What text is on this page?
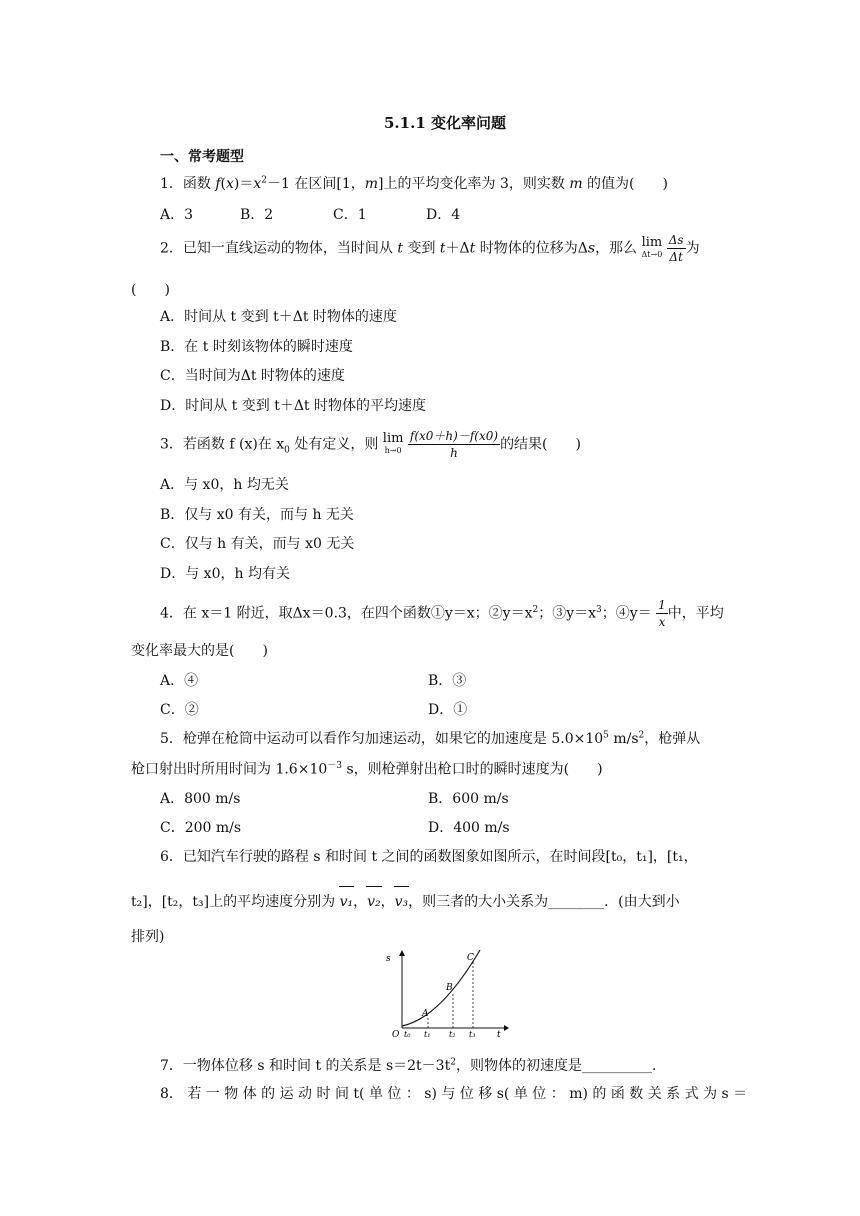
5.1.1 变化率问题
一、常考题型
1．函数 $f(x)=x^2-1$ 在区间[1，m]上的平均变化率为 3，则实数 m 的值为(　　)
A．3	B．2	C．1	D．4
2．已知一直线运动的物体，当时间从 t 变到 t＋Δt 时物体的位移为Δs，那么 lim
Δt→0
$\frac{\Delta s}{\Delta t}$ 为
(　　)
A．时间从 t 变到 t＋Δt 时物体的速度
B．在 t 时刻该物体的瞬时速度
C．当时间为Δt 时物体的速度
D．时间从 t 变到 t＋Δt 时物体的平均速度
3．若函数 f (x)在 $x_0$ 处有定义，则 lim
h→0
$\frac{f(x0+h)-f(x0)}{h}$ 的结果(　　)
A．与 x0，h 均无关
B．仅与 x0 有关，而与 h 无关
C．仅与 h 有关，而与 x0 无关
D．与 x0，h 均有关
4．在 x＝1 附近，取Δx＝0.3，在四个函数①y＝x；$②y=x^2$；$③y=x^3$；④y＝ $\frac{1}{x}$ 中，平均
变化率最大的是(　　)
A．④	B．③
C．②	D．①
5．枪弹在枪筒中运动可以看作匀加速运动，如果它的加速度是 $5.0\times 10^5$ $m/s^2$，枪弹从
枪口射出时所用时间为 $1.6\times 10^{-3}$ s，则枪弹射出枪口时的瞬时速度为(　　)
A．800 m/s	B．600 m/s
C．200 m/s	D．400 m/s
6．已知汽车行驶的路程 s 和时间 t 之间的函数图象如图所示，在时间段[t₀，t₁]，[t₁，
t₂]，[t₂，t₃]上的平均速度分别为 v₁，v₂，v₃，则三者的大小关系为________．(由大到小
排列)
s
t
O
A
B
C
t₀ t₁ t₂ t₃
7．一物体位移 s 和时间 t 的关系是 $s=2t-3t^2$，则物体的初速度是__________．
8． 若 一 物 体 的 运 动 时 间 t( 单 位 ： s) 与 位 移 s( 单 位 ： m) 的 函 数 关 系 式 为 s ＝
